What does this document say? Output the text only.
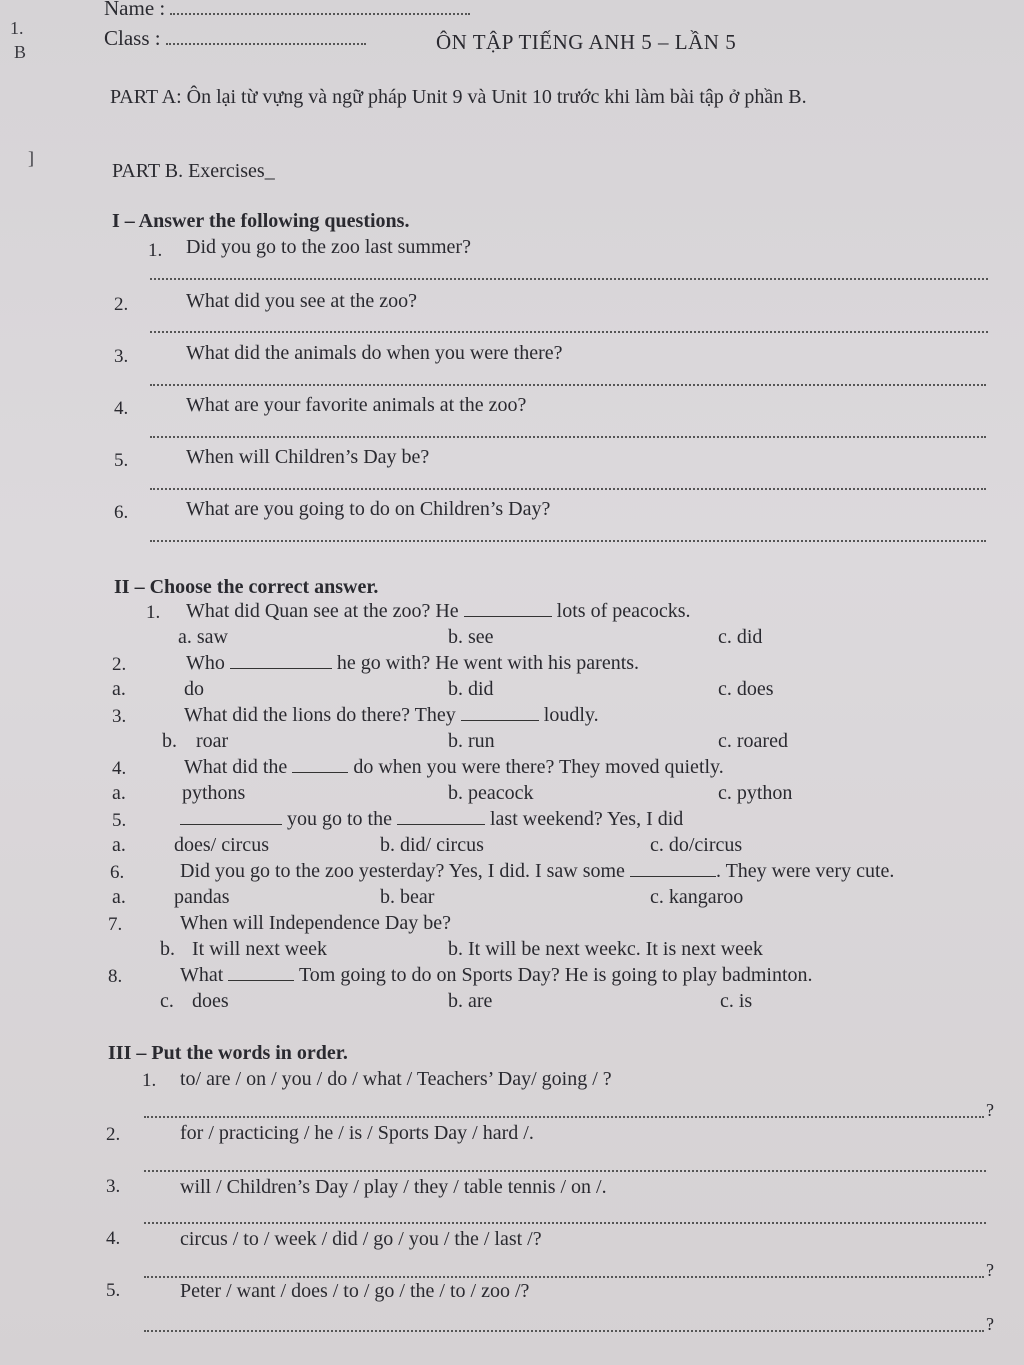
1.
B
]
Name :
Class :	ÔN TẬP TIẾNG ANH 5 – LẦN 5
PART A: Ôn lại từ vựng và ngữ pháp Unit 9 và Unit 10 trước khi làm bài tập ở phần B.
PART B. Exercises_
I – Answer the following questions.
1. Did you go to the zoo last summer?
2.	What did you see at the zoo?
3.	What did the animals do when you were there?
4.	What are your favorite animals at the zoo?
5.	When will Children’s Day be?
6.	What are you going to do on Children’s Day?
II – Choose the correct answer.
1. What did Quan see at the zoo? He	lots of peacocks.
a. saw	b. see	c. did
2.	Who	he go with? He went with his parents.
a.	do	b. did	c. does
3.	What did the lions do there? They	loudly.
b. roar	b. run	c. roared
4.	What did the	do when you were there? They moved quietly.
a.	pythons	b. peacock	c. python
5.	you go to the	last weekend? Yes, I did
a. does/ circus	b. did/ circus	c. do/circus
6.	Did you go to the zoo yesterday? Yes, I did. I saw some	. They were very cute.
a. pandas	b. bear	c. kangaroo
7.	When will Independence Day be?
b. It will next week	b. It will be next weekc. It is next week
8.	What	Tom going to do on Sports Day? He is going to play badminton.
c. does	b. are	c. is
III – Put the words in order.
1. to/ are / on / you / do / what / Teachers’ Day/ going / ?
?
2.	for / practicing / he / is / Sports Day / hard /.
3.	will / Children’s Day / play / they / table tennis / on /.
4.	circus / to / week / did / go / you / the / last /?
?
5.	Peter / want / does / to / go / the / to / zoo /?
?
